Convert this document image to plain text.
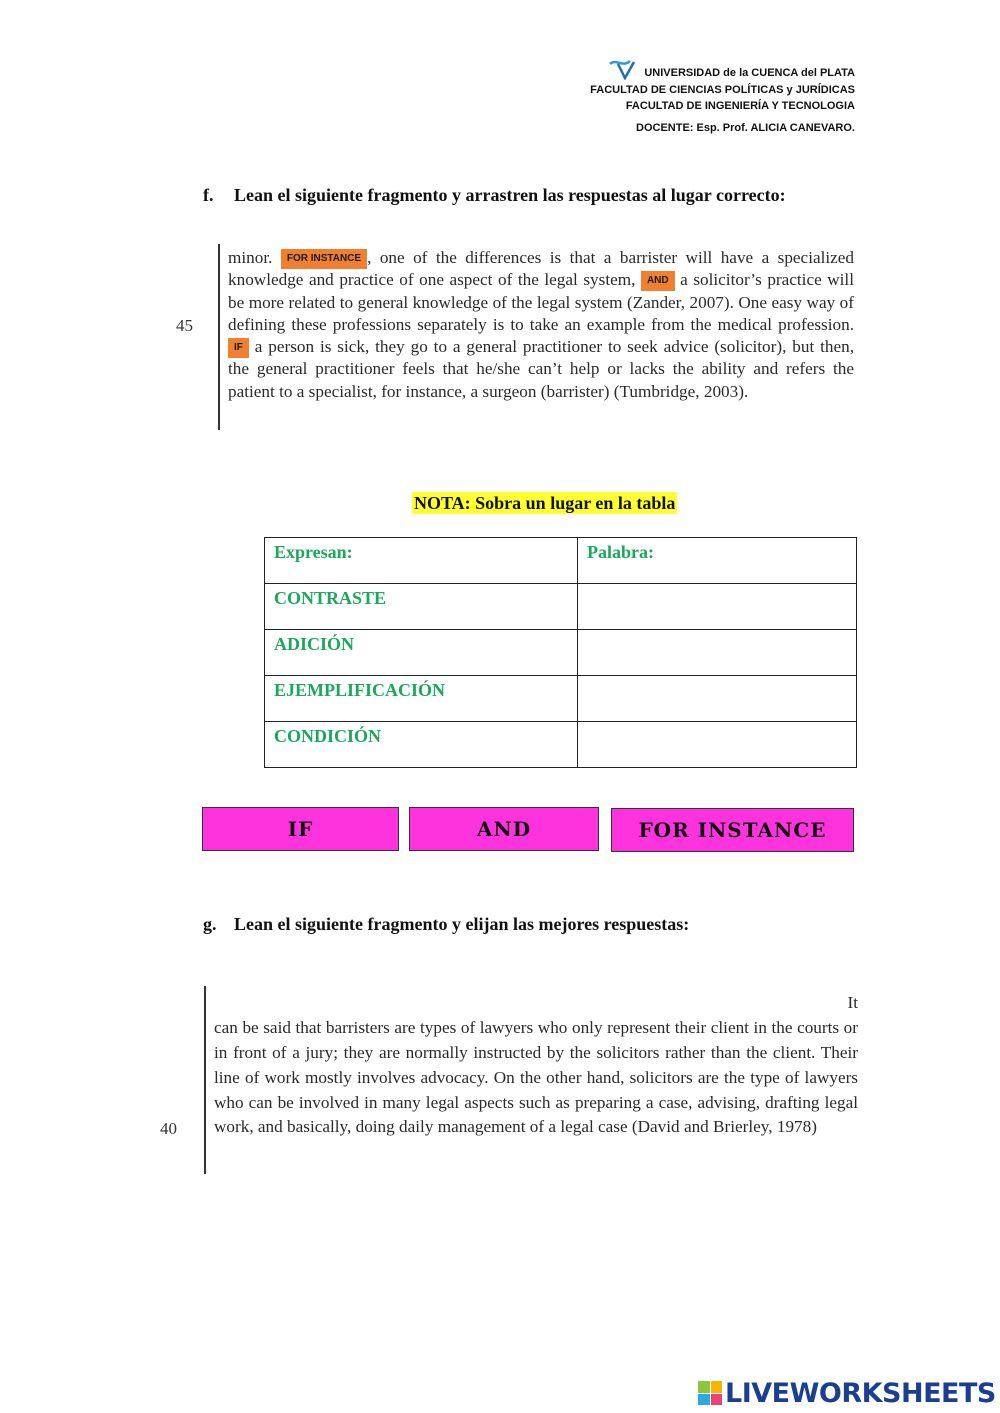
UNIVERSIDAD de la CUENCA del PLATA
FACULTAD DE CIENCIAS POLÍTICAS y JURÍDICAS
FACULTAD DE INGENIERÍA Y TECNOLOGIA
DOCENTE: Esp. Prof. ALICIA CANEVARO.
f. Lean el siguiente fragmento y arrastren las respuestas al lugar correcto:
45
minor. FOR INSTANCE , one of the differences is that a barrister will have a specialized knowledge and practice of one aspect of the legal system, AND a solicitor’s practice will be more related to general knowledge of the legal system (Zander, 2007). One easy way of defining these professions separately is to take an example from the medical profession. IF a person is sick, they go to a general practitioner to seek advice (solicitor), but then, the general practitioner feels that he/she can’t help or lacks the ability and refers the patient to a specialist, for instance, a surgeon (barrister) (Tumbridge, 2003).
NOTA: Sobra un lugar en la tabla
Expresan:	Palabra:
CONTRASTE	
ADICIÓN	
EJEMPLIFICACIÓN	
CONDICIÓN	
IF	AND	FOR INSTANCE
g. Lean el siguiente fragmento y elijan las mejores respuestas:
40
It
can be said that barristers are types of lawyers who only represent their client in the courts or in front of a jury; they are normally instructed by the solicitors rather than the client. Their line of work mostly involves advocacy. On the other hand, solicitors are the type of lawyers who can be involved in many legal aspects such as preparing a case, advising, drafting legal work, and basically, doing daily management of a legal case (David and Brierley, 1978)
LIVEWORKSHEETS
